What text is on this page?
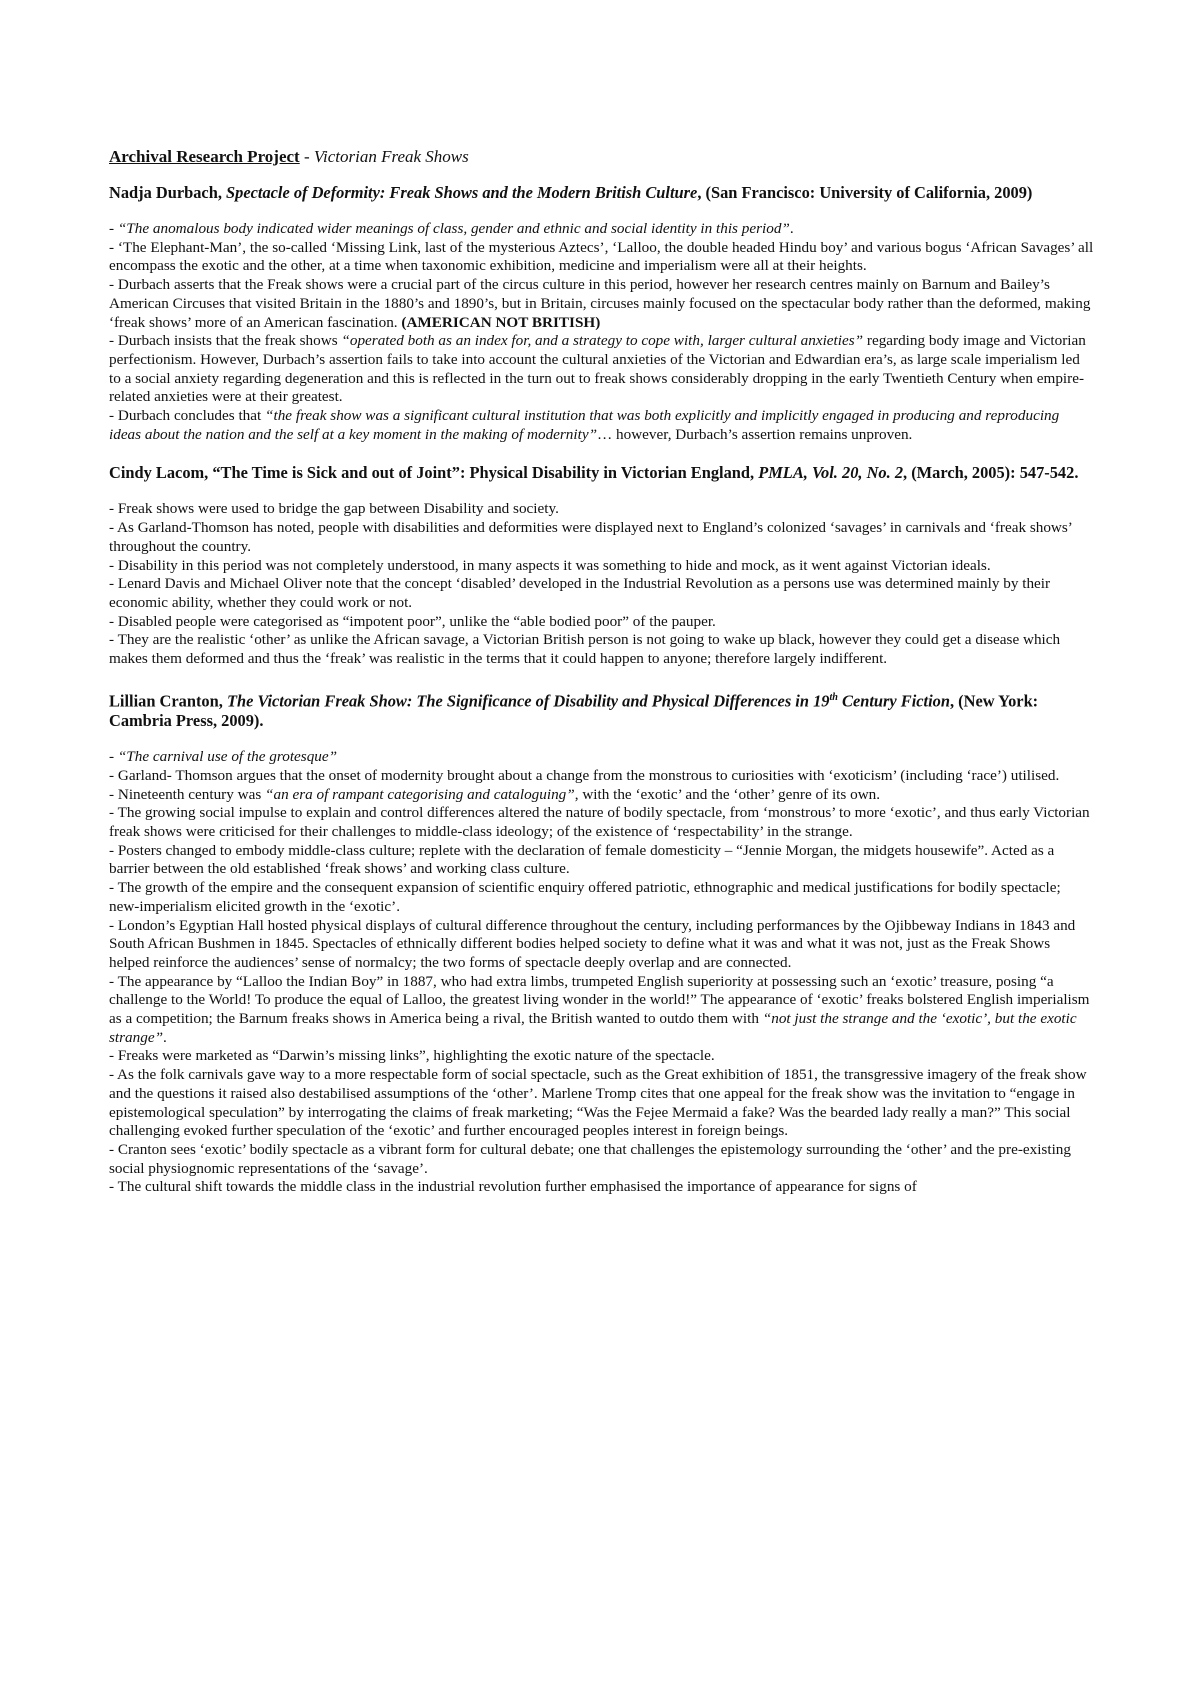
Archival Research Project - Victorian Freak Shows
Nadja Durbach, Spectacle of Deformity: Freak Shows and the Modern British Culture, (San Francisco: University of California, 2009)
- “The anomalous body indicated wider meanings of class, gender and ethnic and social identity in this period”.
- ‘The Elephant-Man’, the so-called ‘Missing Link, last of the mysterious Aztecs’, ‘Lalloo, the double headed Hindu boy’ and various bogus ‘African Savages’ all encompass the exotic and the other, at a time when taxonomic exhibition, medicine and imperialism were all at their heights.
- Durbach asserts that the Freak shows were a crucial part of the circus culture in this period, however her research centres mainly on Barnum and Bailey’s American Circuses that visited Britain in the 1880’s and 1890’s, but in Britain, circuses mainly focused on the spectacular body rather than the deformed, making ‘freak shows’ more of an American fascination. (AMERICAN NOT BRITISH)
- Durbach insists that the freak shows “operated both as an index for, and a strategy to cope with, larger cultural anxieties” regarding body image and Victorian perfectionism. However, Durbach’s assertion fails to take into account the cultural anxieties of the Victorian and Edwardian era’s, as large scale imperialism led to a social anxiety regarding degeneration and this is reflected in the turn out to freak shows considerably dropping in the early Twentieth Century when empire-related anxieties were at their greatest.
- Durbach concludes that “the freak show was a significant cultural institution that was both explicitly and implicitly engaged in producing and reproducing ideas about the nation and the self at a key moment in the making of modernity”… however, Durbach’s assertion remains unproven.
Cindy Lacom, “The Time is Sick and out of Joint”: Physical Disability in Victorian England, PMLA, Vol. 20, No. 2, (March, 2005): 547-542.
- Freak shows were used to bridge the gap between Disability and society.
- As Garland-Thomson has noted, people with disabilities and deformities were displayed next to England’s colonized ‘savages’ in carnivals and ‘freak shows’ throughout the country.
- Disability in this period was not completely understood, in many aspects it was something to hide and mock, as it went against Victorian ideals.
- Lenard Davis and Michael Oliver note that the concept ‘disabled’ developed in the Industrial Revolution as a persons use was determined mainly by their economic ability, whether they could work or not.
- Disabled people were categorised as “impotent poor”, unlike the “able bodied poor” of the pauper.
- They are the realistic ‘other’ as unlike the African savage, a Victorian British person is not going to wake up black, however they could get a disease which makes them deformed and thus the ‘freak’ was realistic in the terms that it could happen to anyone; therefore largely indifferent.
Lillian Cranton, The Victorian Freak Show: The Significance of Disability and Physical Differences in 19th Century Fiction, (New York: Cambria Press, 2009).
- “The carnival use of the grotesque”
- Garland- Thomson argues that the onset of modernity brought about a change from the monstrous to curiosities with ‘exoticism’ (including ‘race’) utilised.
- Nineteenth century was “an era of rampant categorising and cataloguing”, with the ‘exotic’ and the ‘other’ genre of its own.
- The growing social impulse to explain and control differences altered the nature of bodily spectacle, from ‘monstrous’ to more ‘exotic’, and thus early Victorian freak shows were criticised for their challenges to middle-class ideology; of the existence of ‘respectability’ in the strange.
- Posters changed to embody middle-class culture; replete with the declaration of female domesticity – “Jennie Morgan, the midgets housewife”. Acted as a barrier between the old established ‘freak shows’ and working class culture.
- The growth of the empire and the consequent expansion of scientific enquiry offered patriotic, ethnographic and medical justifications for bodily spectacle; new-imperialism elicited growth in the ‘exotic’.
- London’s Egyptian Hall hosted physical displays of cultural difference throughout the century, including performances by the Ojibbeway Indians in 1843 and South African Bushmen in 1845. Spectacles of ethnically different bodies helped society to define what it was and what it was not, just as the Freak Shows helped reinforce the audiences’ sense of normalcy; the two forms of spectacle deeply overlap and are connected.
- The appearance by “Lalloo the Indian Boy” in 1887, who had extra limbs, trumpeted English superiority at possessing such an ‘exotic’ treasure, posing “a challenge to the World! To produce the equal of Lalloo, the greatest living wonder in the world!” The appearance of ‘exotic’ freaks bolstered English imperialism as a competition; the Barnum freaks shows in America being a rival, the British wanted to outdo them with “not just the strange and the ‘exotic’, but the exotic strange”.
- Freaks were marketed as “Darwin’s missing links”, highlighting the exotic nature of the spectacle.
- As the folk carnivals gave way to a more respectable form of social spectacle, such as the Great exhibition of 1851, the transgressive imagery of the freak show and the questions it raised also destabilised assumptions of the ‘other’. Marlene Tromp cites that one appeal for the freak show was the invitation to “engage in epistemological speculation” by interrogating the claims of freak marketing; “Was the Fejee Mermaid a fake? Was the bearded lady really a man?” This social challenging evoked further speculation of the ‘exotic’ and further encouraged peoples interest in foreign beings.
- Cranton sees ‘exotic’ bodily spectacle as a vibrant form for cultural debate; one that challenges the epistemology surrounding the ‘other’ and the pre-existing social physiognomic representations of the ‘savage’.
- The cultural shift towards the middle class in the industrial revolution further emphasised the importance of appearance for signs of
